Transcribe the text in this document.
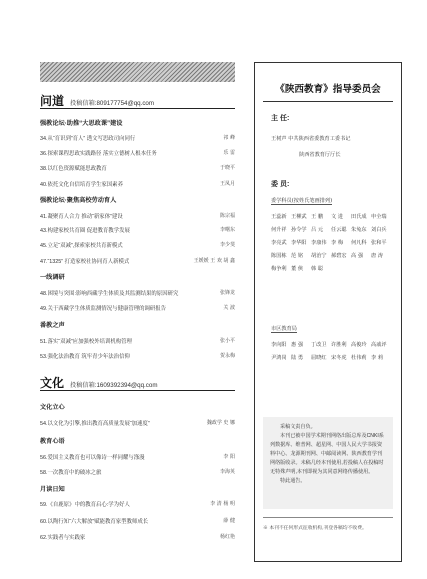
问道 投稿信箱:809177754@qq.com
强教论坛·助推“大思政课”建设
34.从“育识到”育人” 透文写思政司向同行	祁 峰
36.探索课程思政实践路径 落实立德树人根本任务	乐 雷
38.以红色资源赋能思政教育	于晓平
40.依托文化自信培育学生家国素养	王凤月
强教论坛·聚焦高校劳动育人
41.凝聚育人合力 推动“新家体”建设	陈宗福
43.构建家校共育圈 促进教育教学发展	李曙东
45.立足“双减”,探索家校共育新模式	李少斐
47.“1325” 打造家校社协同育人新模式	王媛媛 王 欢 胡 鑫
一线调研
48.困境与突围:影响西藏学生体质及其监测结果的原因研究	张锋龙
49.关于西藏学生体质监测情况与健康管理的调研报告	关 波
番教之声
51.落实“双减”应加强校外培训机构管理	张小平
53.强化法治教育 筑牢青少年法治信仰	贺永梅
文化 投稿信箱:1609392394@qq.com
文化立心
54.以文化为引擎,推出教育高质量发展“加速度”	魏政学 史 娜
教育心语
56.爱国主义教育也可以像诗一样同耀与涤漫	李 阳
58.一次教育中的破冰之旅	李海英
月读日知
59.《自鹿原》中的教育启心:学为好人	李 清 杨 明
60.以陶行知“六大解放”赋能教育家型教师成长	薛 健
62.实践者与实践家	杨红艳
《陕西教育》指导委员会
主 任:
王树声 中共陕西省委教育工委书记
陕西省教育厅厅长
委 员:
委学科员(按姓氏笔画排列)
王蕊新 王柳武 王 鹏	文 进	田氏成 申全瑞
何升祥 孙令学 吕 元	任云聪 朱兔东 刘白兵
李亮武 李华阳 李康伟 李 梅	何凡科 张和平
陈国栋 范 铭	胡治宁 郝碧宏 高 强	唐 涛
梅争利 董 俠	韩 聪
市区教育局
李向阳 惠 强	丁改卫 许胜利 高俊玲 高戚评
尹鸿岗 陆 勇	屈晓红 宋冬虎 杜伟莉 李 莉

采稿文责自负。

本刊已被中国学术期刊网络出版总库及CNKI系列数据库、维普网、超星网、中国人民大学书报资料中心、龙源期刊网、中邮阅读网、陕西教育学刊网络版收录。未稿几经本刊使用,若投稿人在投稿时无特殊声明,本刊即视为其同意网络传播使用。

特此通告。

※ 本刊不任何形式征收机构,刊登各稿均不收费。
